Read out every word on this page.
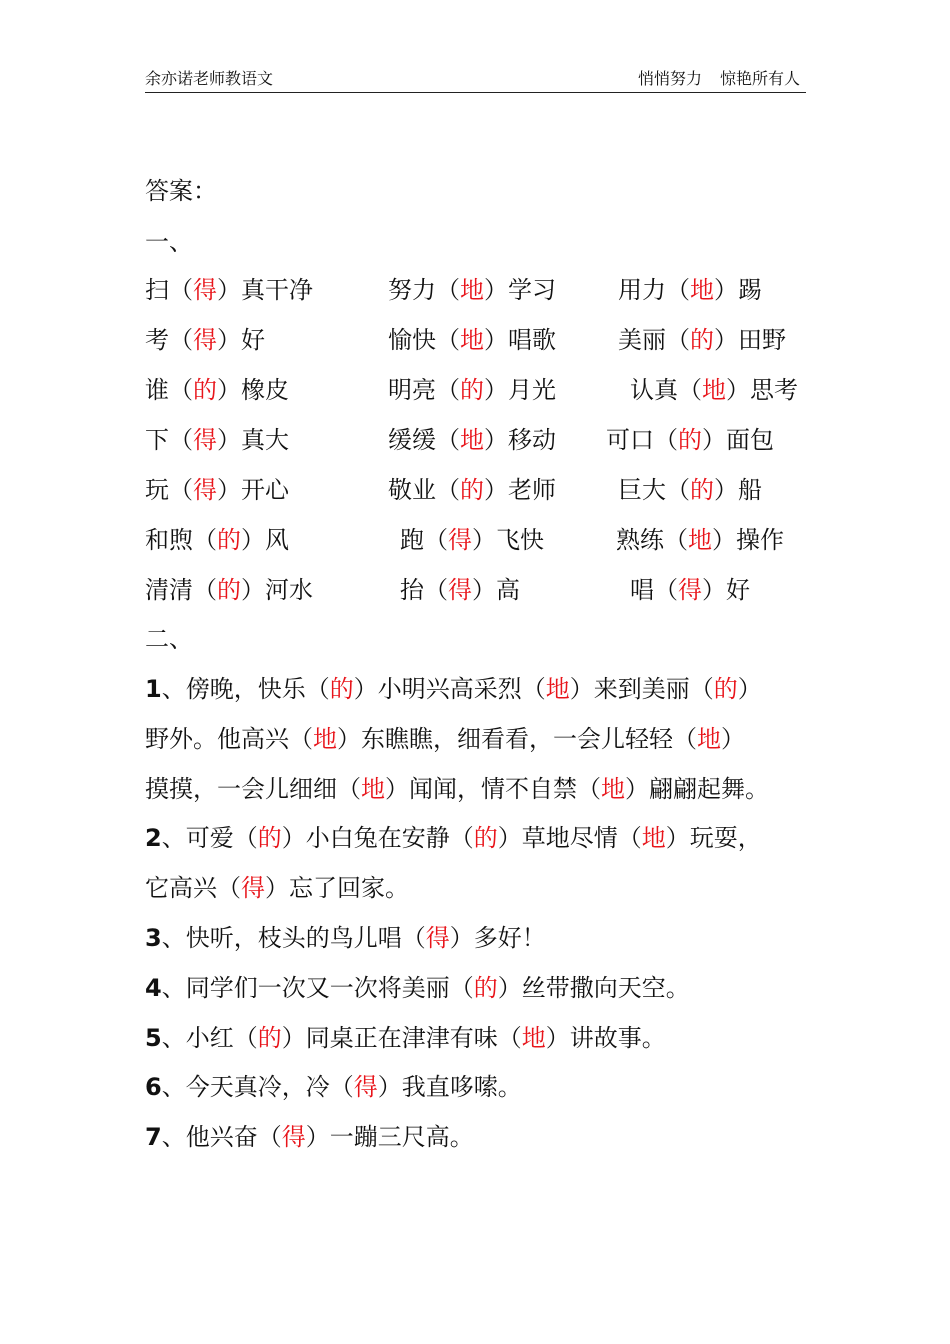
余亦诺老师教语文	悄悄努力 惊艳所有人
答案：
一、
扫（得）真干净	努力（地）学习	用力（地）踢
考（得）好	愉快（地）唱歌	美丽（的）田野
谁（的）橡皮	明亮（的）月光	认真（地）思考
下（得）真大	缓缓（地）移动 可口（的）面包
玩（得）开心	敬业（的）老师	巨大（的）船
和煦（的）风	跑（得）飞快	熟练（地）操作
清清（的）河水	抬（得）高	唱（得）好
二、
1、傍晚，快乐（的）小明兴高采烈（地）来到美丽（的）
野外。他高兴（地）东瞧瞧，细看看，一会儿轻轻（地）
摸摸，一会儿细细（地）闻闻，情不自禁（地）翩翩起舞。
2、可爱（的）小白兔在安静（的）草地尽情（地）玩耍，
它高兴（得）忘了回家。
3、快听，枝头的鸟儿唱（得）多好！
4、同学们一次又一次将美丽（的）丝带撒向天空。
5、小红（的）同桌正在津津有味（地）讲故事。
6、今天真冷，冷（得）我直哆嗦。
7、他兴奋（得）一蹦三尺高。
